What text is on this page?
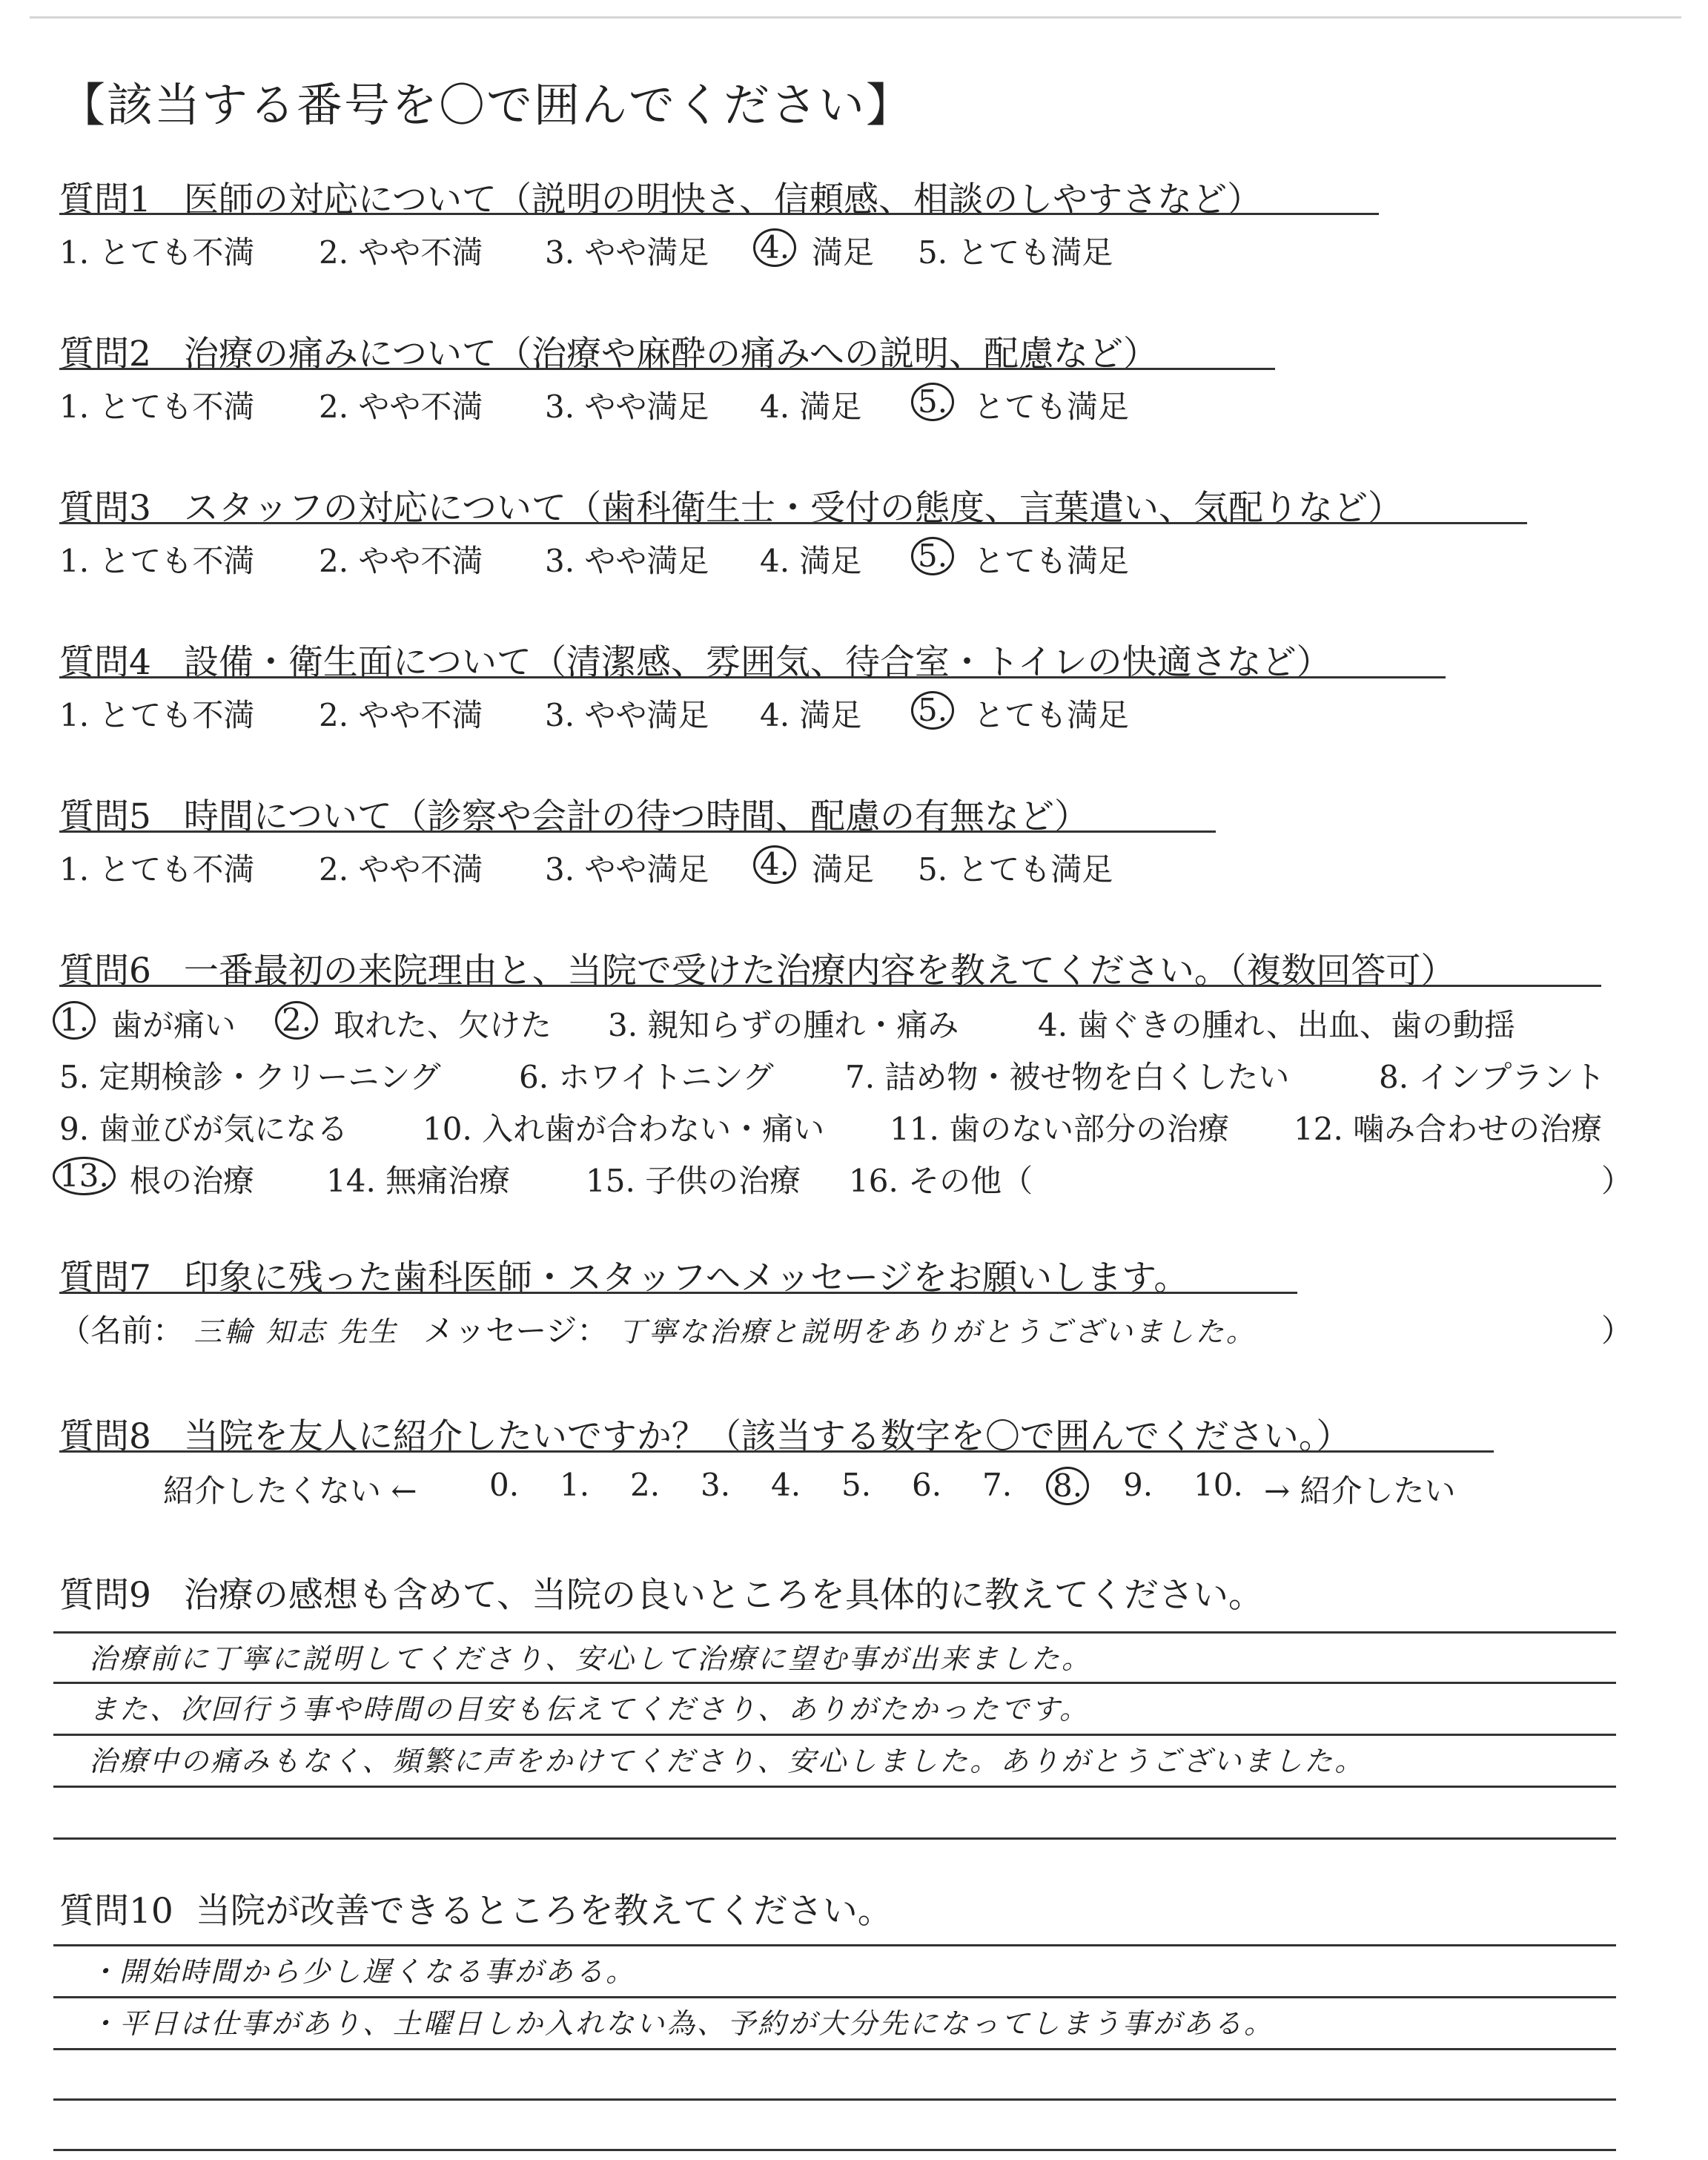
【該当する番号を〇で囲んでください】
質問1 医師の対応について（説明の明快さ、信頼感、相談のしやすさなど）
1. とても不満 2. やや不満 3. やや満足 4. 満足 5. とても満足
質問2 治療の痛みについて（治療や麻酔の痛みへの説明、配慮など）
1. とても不満 2. やや不満 3. やや満足 4. 満足 5. とても満足
質問3 スタッフの対応について（歯科衛生士・受付の態度、言葉遣い、気配りなど）
1. とても不満 2. やや不満 3. やや満足 4. 満足 5. とても満足
質問4 設備・衛生面について（清潔感、雰囲気、待合室・トイレの快適さなど）
1. とても不満 2. やや不満 3. やや満足 4. 満足 5. とても満足
質問5 時間について（診察や会計の待つ時間、配慮の有無など）
1. とても不満 2. やや不満 3. やや満足 4. 満足 5. とても満足
質問6 一番最初の来院理由と、当院で受けた治療内容を教えてください。（複数回答可）
1. 歯が痛い 2. 取れた、欠けた 3. 親知らずの腫れ・痛み	4. 歯ぐきの腫れ、出血、歯の動揺
5. 定期検診・クリーニング	6. ホワイトニング 7. 詰め物・被せ物を白くしたい	8. インプラント
9. 歯並びが気になる 10. 入れ歯が合わない・痛い 11. 歯のない部分の治療 12. 噛み合わせの治療
13. 根の治療 14. 無痛治療 15. 子供の治療 16. その他（	）
質問7 印象に残った歯科医師・スタッフへメッセージをお願いします。
（名前： 三輪 知志 先生 メッセージ： 丁寧な治療と説明をありがとうございました。	）
質問8 当院を友人に紹介したいですか？（該当する数字を〇で囲んでください。）
紹介したくない ← 0. 1. 2. 3. 4. 5. 6. 7. 8. 9. 10. → 紹介したい
質問9 治療の感想も含めて、当院の良いところを具体的に教えてください。
治療前に丁寧に説明してくださり、安心して治療に望む事が出来ました。
また、次回行う事や時間の目安も伝えてくださり、ありがたかったです。
治療中の痛みもなく、頻繁に声をかけてくださり、安心しました。ありがとうございました。
質問10 当院が改善できるところを教えてください。
・開始時間から少し遅くなる事がある。
・平日は仕事があり、土曜日しか入れない為、予約が大分先になってしまう事がある。
